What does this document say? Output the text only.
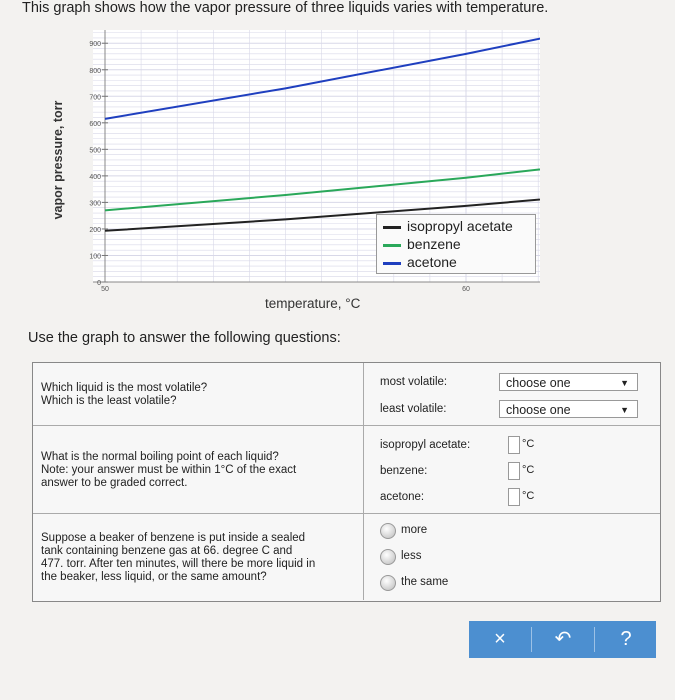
This graph shows how the vapor pressure of three liquids varies with temperature.
0
100
200
300
400
500
600
700
800
900
50	60
vapor pressure, torr
temperature, °C
isopropyl acetate
benzene
acetone
Use the graph to answer the following questions:
Which liquid is the most volatile?
Which is the least volatile?
most volatile:	choose one	▼
least volatile:	choose one	▼
What is the normal boiling point of each liquid?
Note: your answer must be within 1°C of the exact
answer to be graded correct.
isopropyl acetate:	°C
benzene:	°C
acetone:	°C
Suppose a beaker of benzene is put inside a sealed
tank containing benzene gas at 66. degree C and
477. torr. After ten minutes, will there be more liquid in
the beaker, less liquid, or the same amount?
more
less
the same
×	↶	?
